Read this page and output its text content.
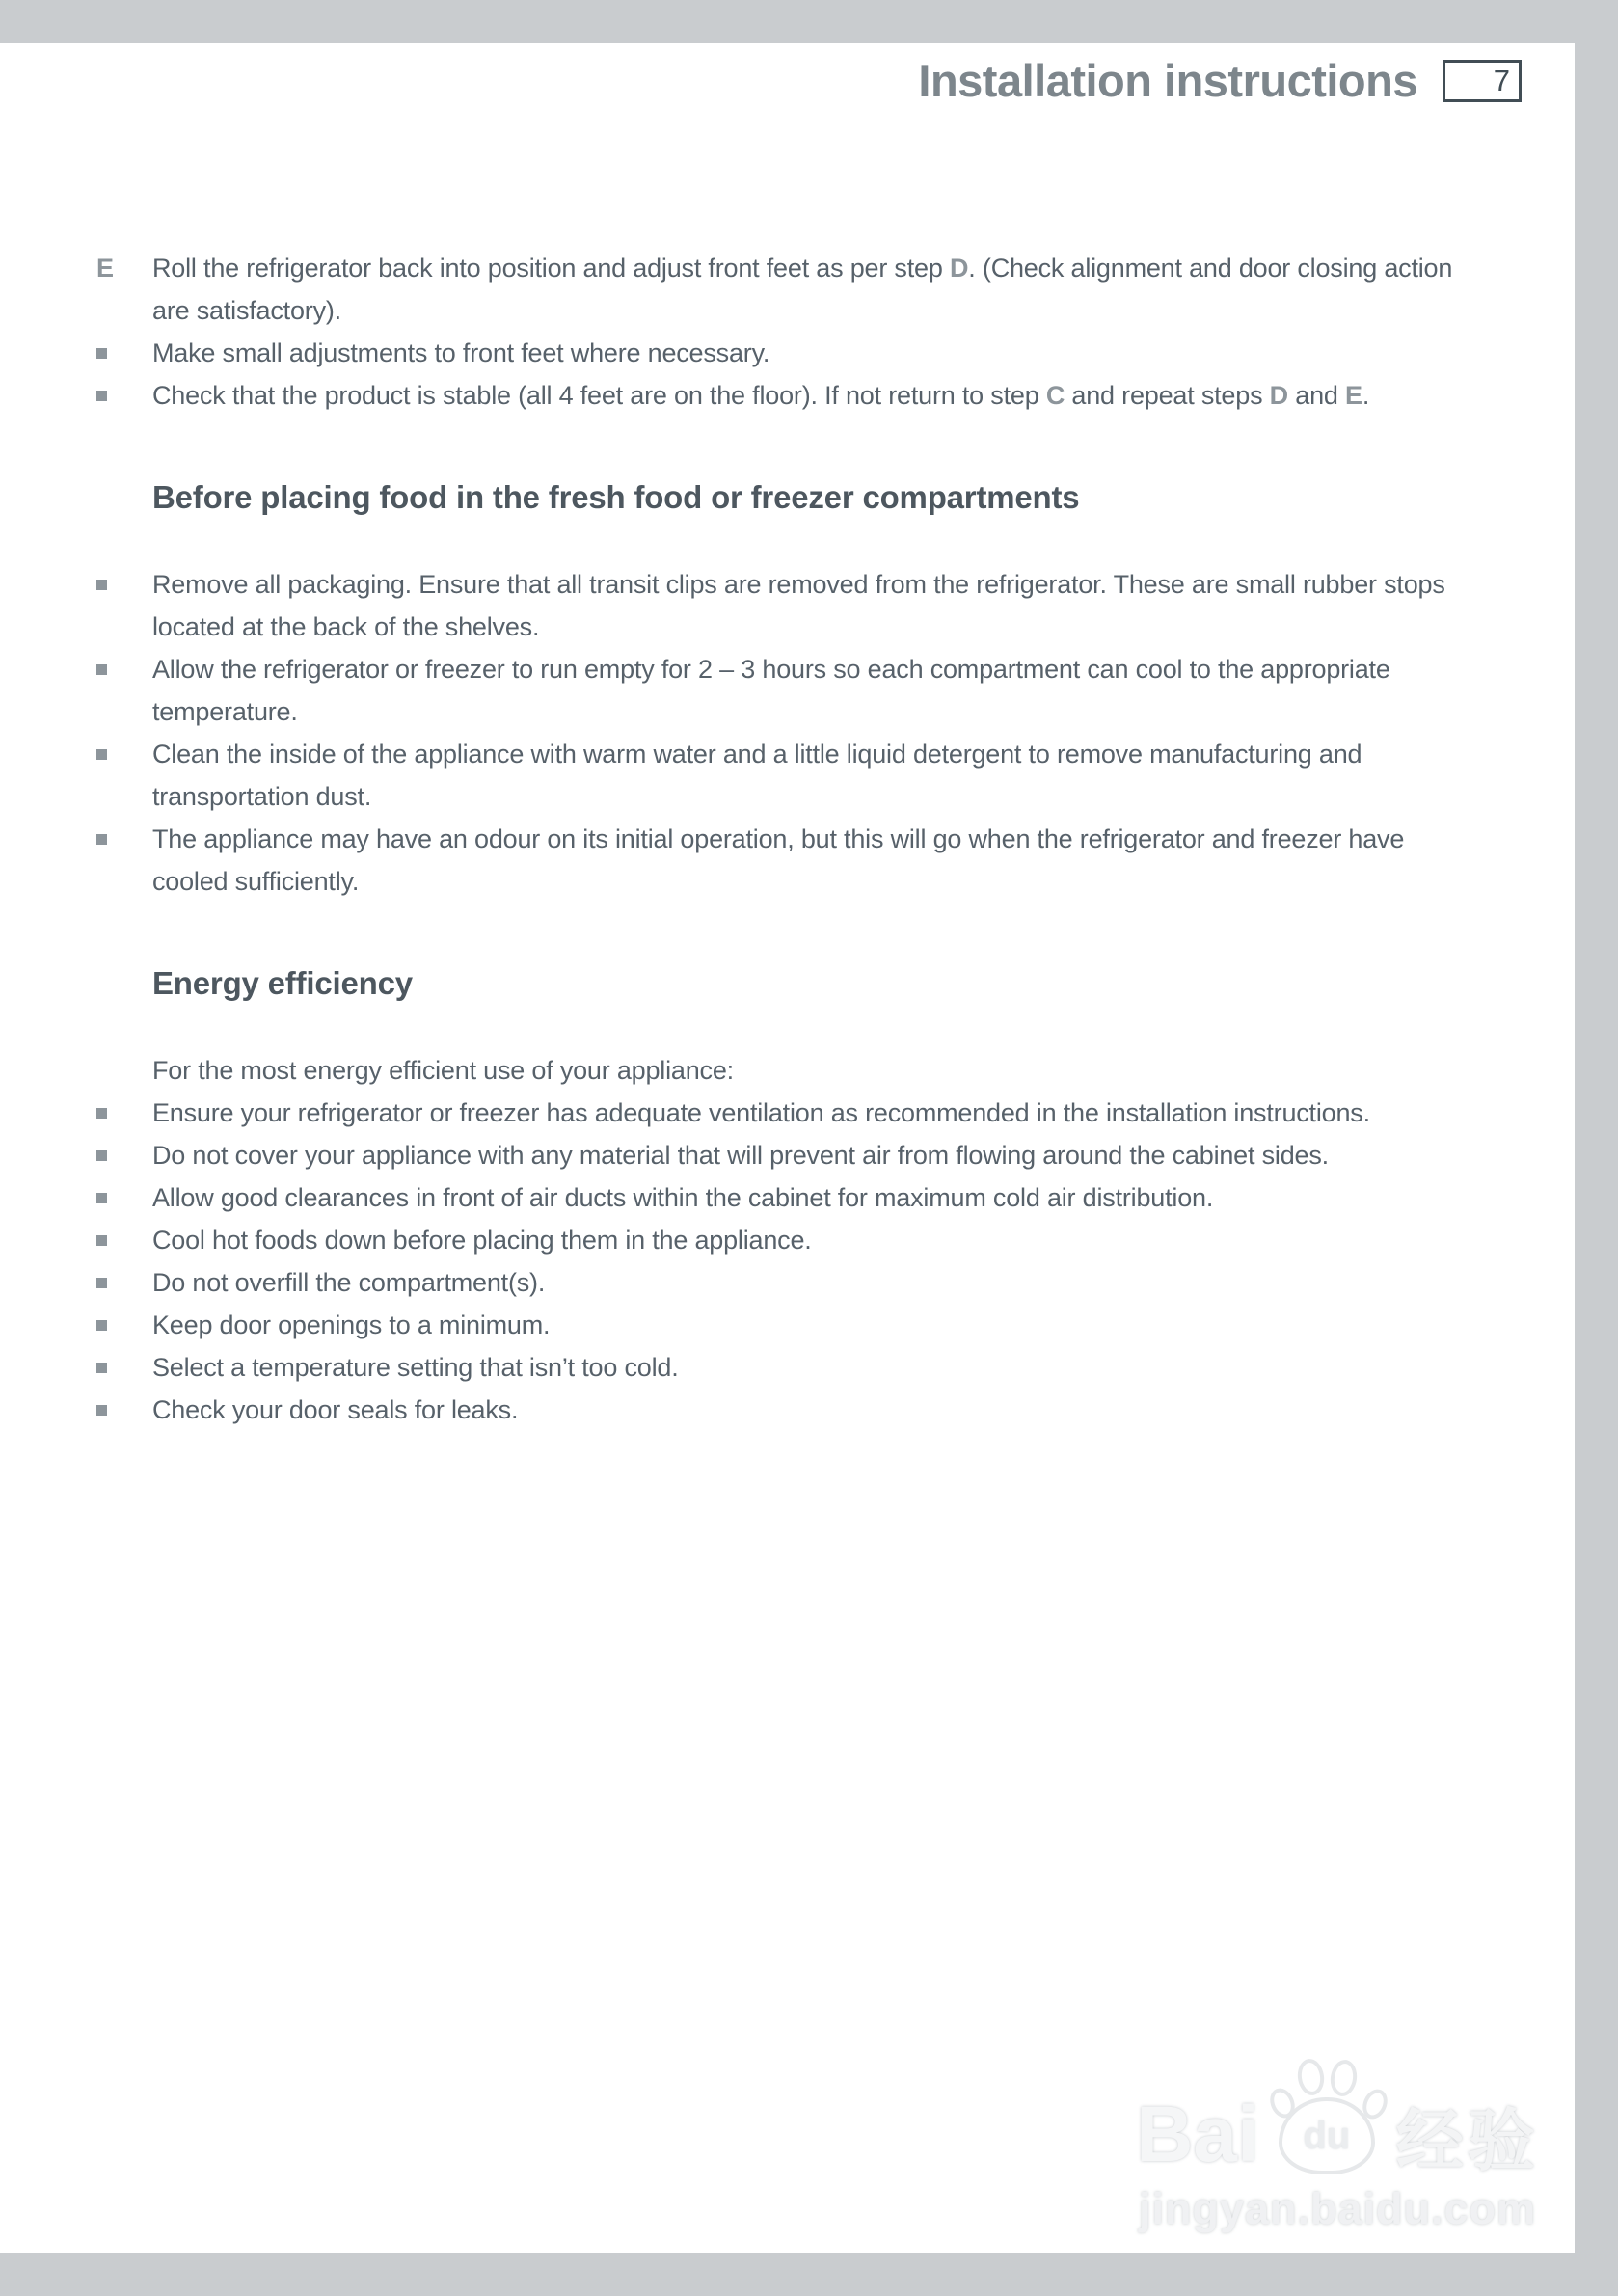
Installation instructions	7
E	Roll the refrigerator back into position and adjust front feet as per step D. (Check alignment and door closing action are satisfactory).
Make small adjustments to front feet where necessary.
Check that the product is stable (all 4 feet are on the floor). If not return to step C and repeat steps D and E.
Before placing food in the fresh food or freezer compartments
Remove all packaging. Ensure that all transit clips are removed from the refrigerator. These are small rubber stops located at the back of the shelves.
Allow the refrigerator or freezer to run empty for 2 – 3 hours so each compartment can cool to the appropriate temperature.
Clean the inside of the appliance with warm water and a little liquid detergent to remove manufacturing and transportation dust.
The appliance may have an odour on its initial operation, but this will go when the refrigerator and freezer have cooled sufficiently.
Energy efficiency
For the most energy efficient use of your appliance:
Ensure your refrigerator or freezer has adequate ventilation as recommended in the installation instructions.
Do not cover your appliance with any material that will prevent air from flowing around the cabinet sides.
Allow good clearances in front of air ducts within the cabinet for maximum cold air distribution.
Cool hot foods down before placing them in the appliance.
Do not overfill the compartment(s).
Keep door openings to a minimum.
Select a temperature setting that isn’t too cold.
Check your door seals for leaks.
Bai	du 经验
jingyan.baidu.com
